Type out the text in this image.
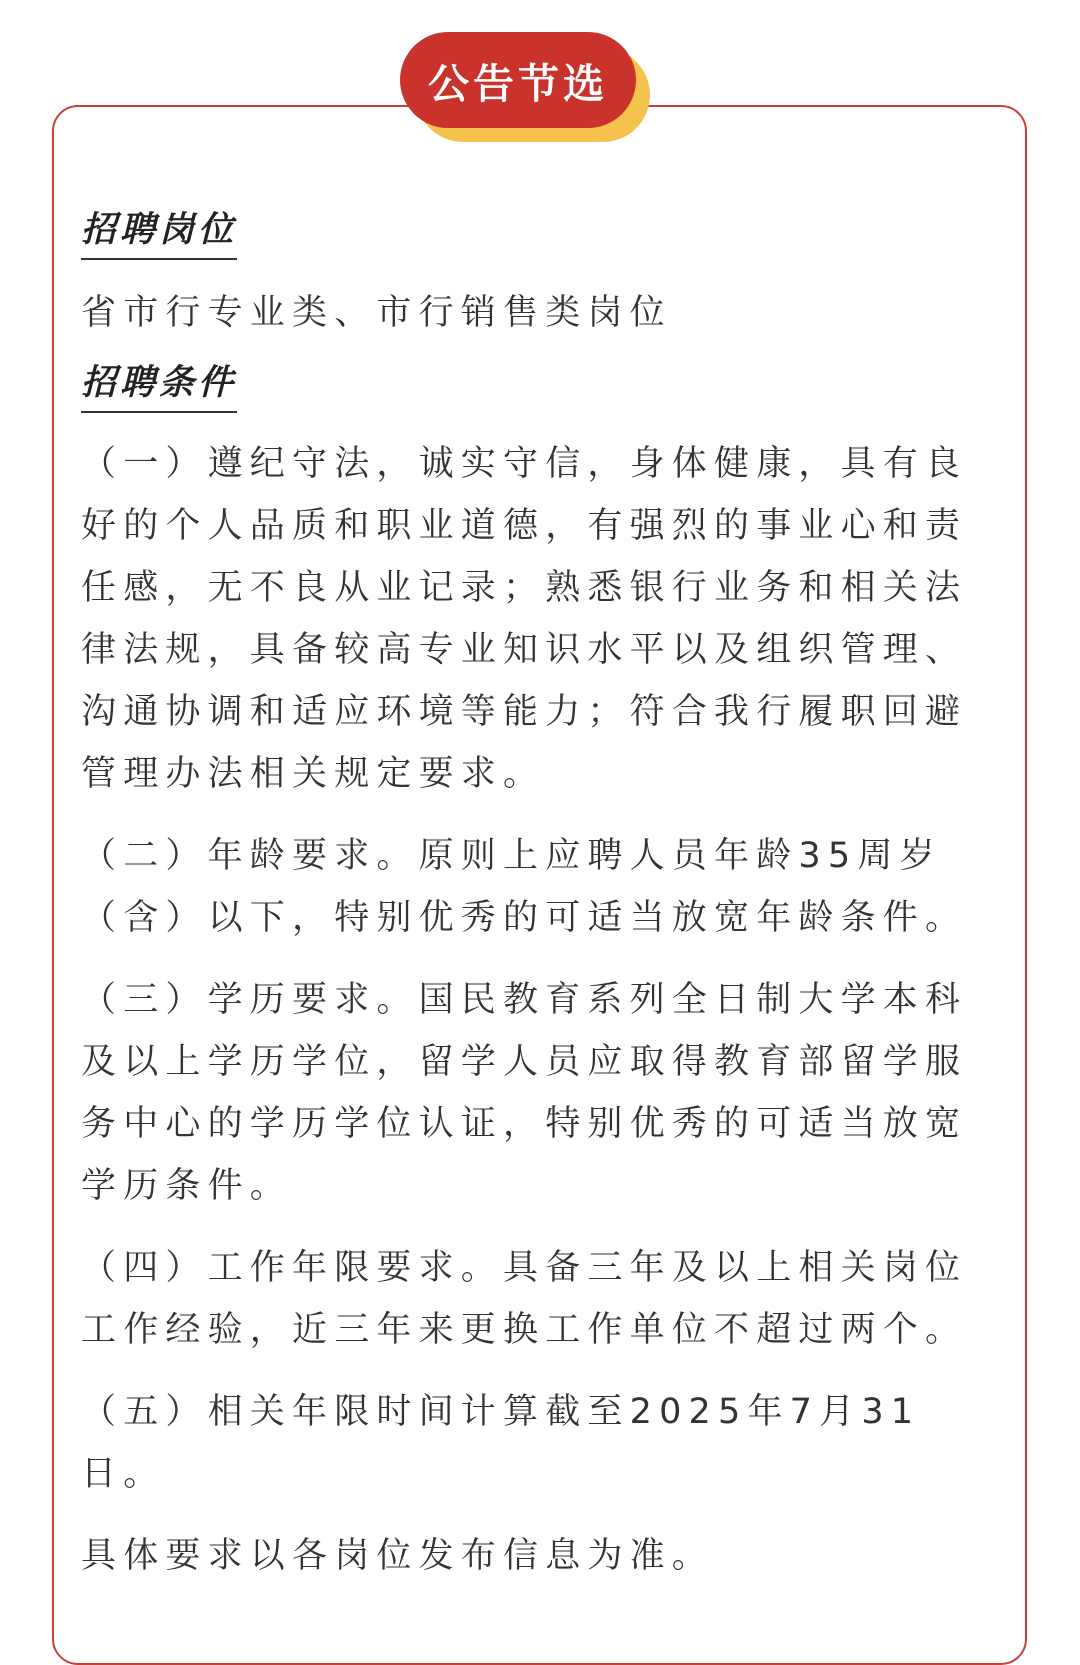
公告节选
招聘岗位

省市行专业类、市行销售类岗位

招聘条件

（一）遵纪守法，诚实守信，身体健康，具有良好的个人品质和职业道德，有强烈的事业心和责任感，无不良从业记录；熟悉银行业务和相关法律法规，具备较高专业知识水平以及组织管理、沟通协调和适应环境等能力；符合我行履职回避管理办法相关规定要求。

（二）年龄要求。原则上应聘人员年龄35周岁（含）以下，特别优秀的可适当放宽年龄条件。

（三）学历要求。国民教育系列全日制大学本科及以上学历学位，留学人员应取得教育部留学服务中心的学历学位认证，特别优秀的可适当放宽学历条件。

（四）工作年限要求。具备三年及以上相关岗位工作经验，近三年来更换工作单位不超过两个。

（五）相关年限时间计算截至2025年7月31日。

具体要求以各岗位发布信息为准。
